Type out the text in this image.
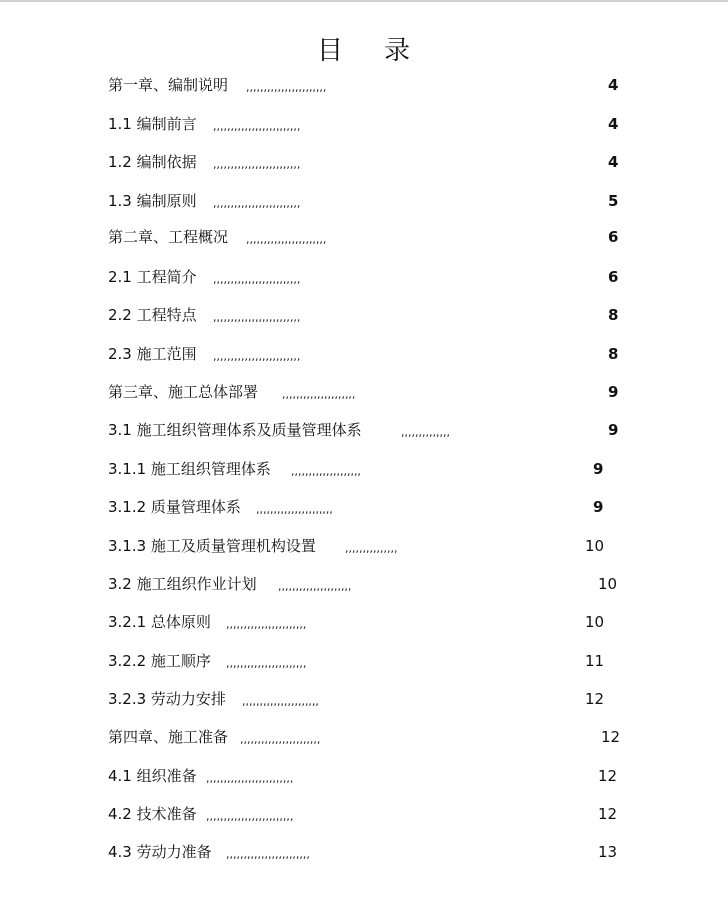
目 录
第一章、编制说明 ,,,,,,,,,,,,,,,,,,,,,,,	4
1.1 编制前言 ,,,,,,,,,,,,,,,,,,,,,,,,,	4
1.2 编制依据 ,,,,,,,,,,,,,,,,,,,,,,,,,	4
1.3 编制原则 ,,,,,,,,,,,,,,,,,,,,,,,,,	5
第二章、工程概况 ,,,,,,,,,,,,,,,,,,,,,,,	6
2.1 工程简介 ,,,,,,,,,,,,,,,,,,,,,,,,,	6
2.2 工程特点 ,,,,,,,,,,,,,,,,,,,,,,,,,	8
2.3 施工范围 ,,,,,,,,,,,,,,,,,,,,,,,,,	8
第三章、施工总体部署 ,,,,,,,,,,,,,,,,,,,,,	9
3.1 施工组织管理体系及质量管理体系	,,,,,,,,,,,,,,	9
3.1.1 施工组织管理体系 ,,,,,,,,,,,,,,,,,,,,	9
3.1.2 质量管理体系 ,,,,,,,,,,,,,,,,,,,,,,	9
3.1.3 施工及质量管理机构设置	,,,,,,,,,,,,,,,	10
3.2 施工组织作业计划 ,,,,,,,,,,,,,,,,,,,,,	10
3.2.1 总体原则 ,,,,,,,,,,,,,,,,,,,,,,,	10
3.2.2 施工顺序 ,,,,,,,,,,,,,,,,,,,,,,,	11
3.2.3 劳动力安排 ,,,,,,,,,,,,,,,,,,,,,,	12
第四章、施工准备 ,,,,,,,,,,,,,,,,,,,,,,,	12
4.1 组织准备 ,,,,,,,,,,,,,,,,,,,,,,,,,	12
4.2 技术准备 ,,,,,,,,,,,,,,,,,,,,,,,,,	12
4.3 劳动力准备 ,,,,,,,,,,,,,,,,,,,,,,,,	13
